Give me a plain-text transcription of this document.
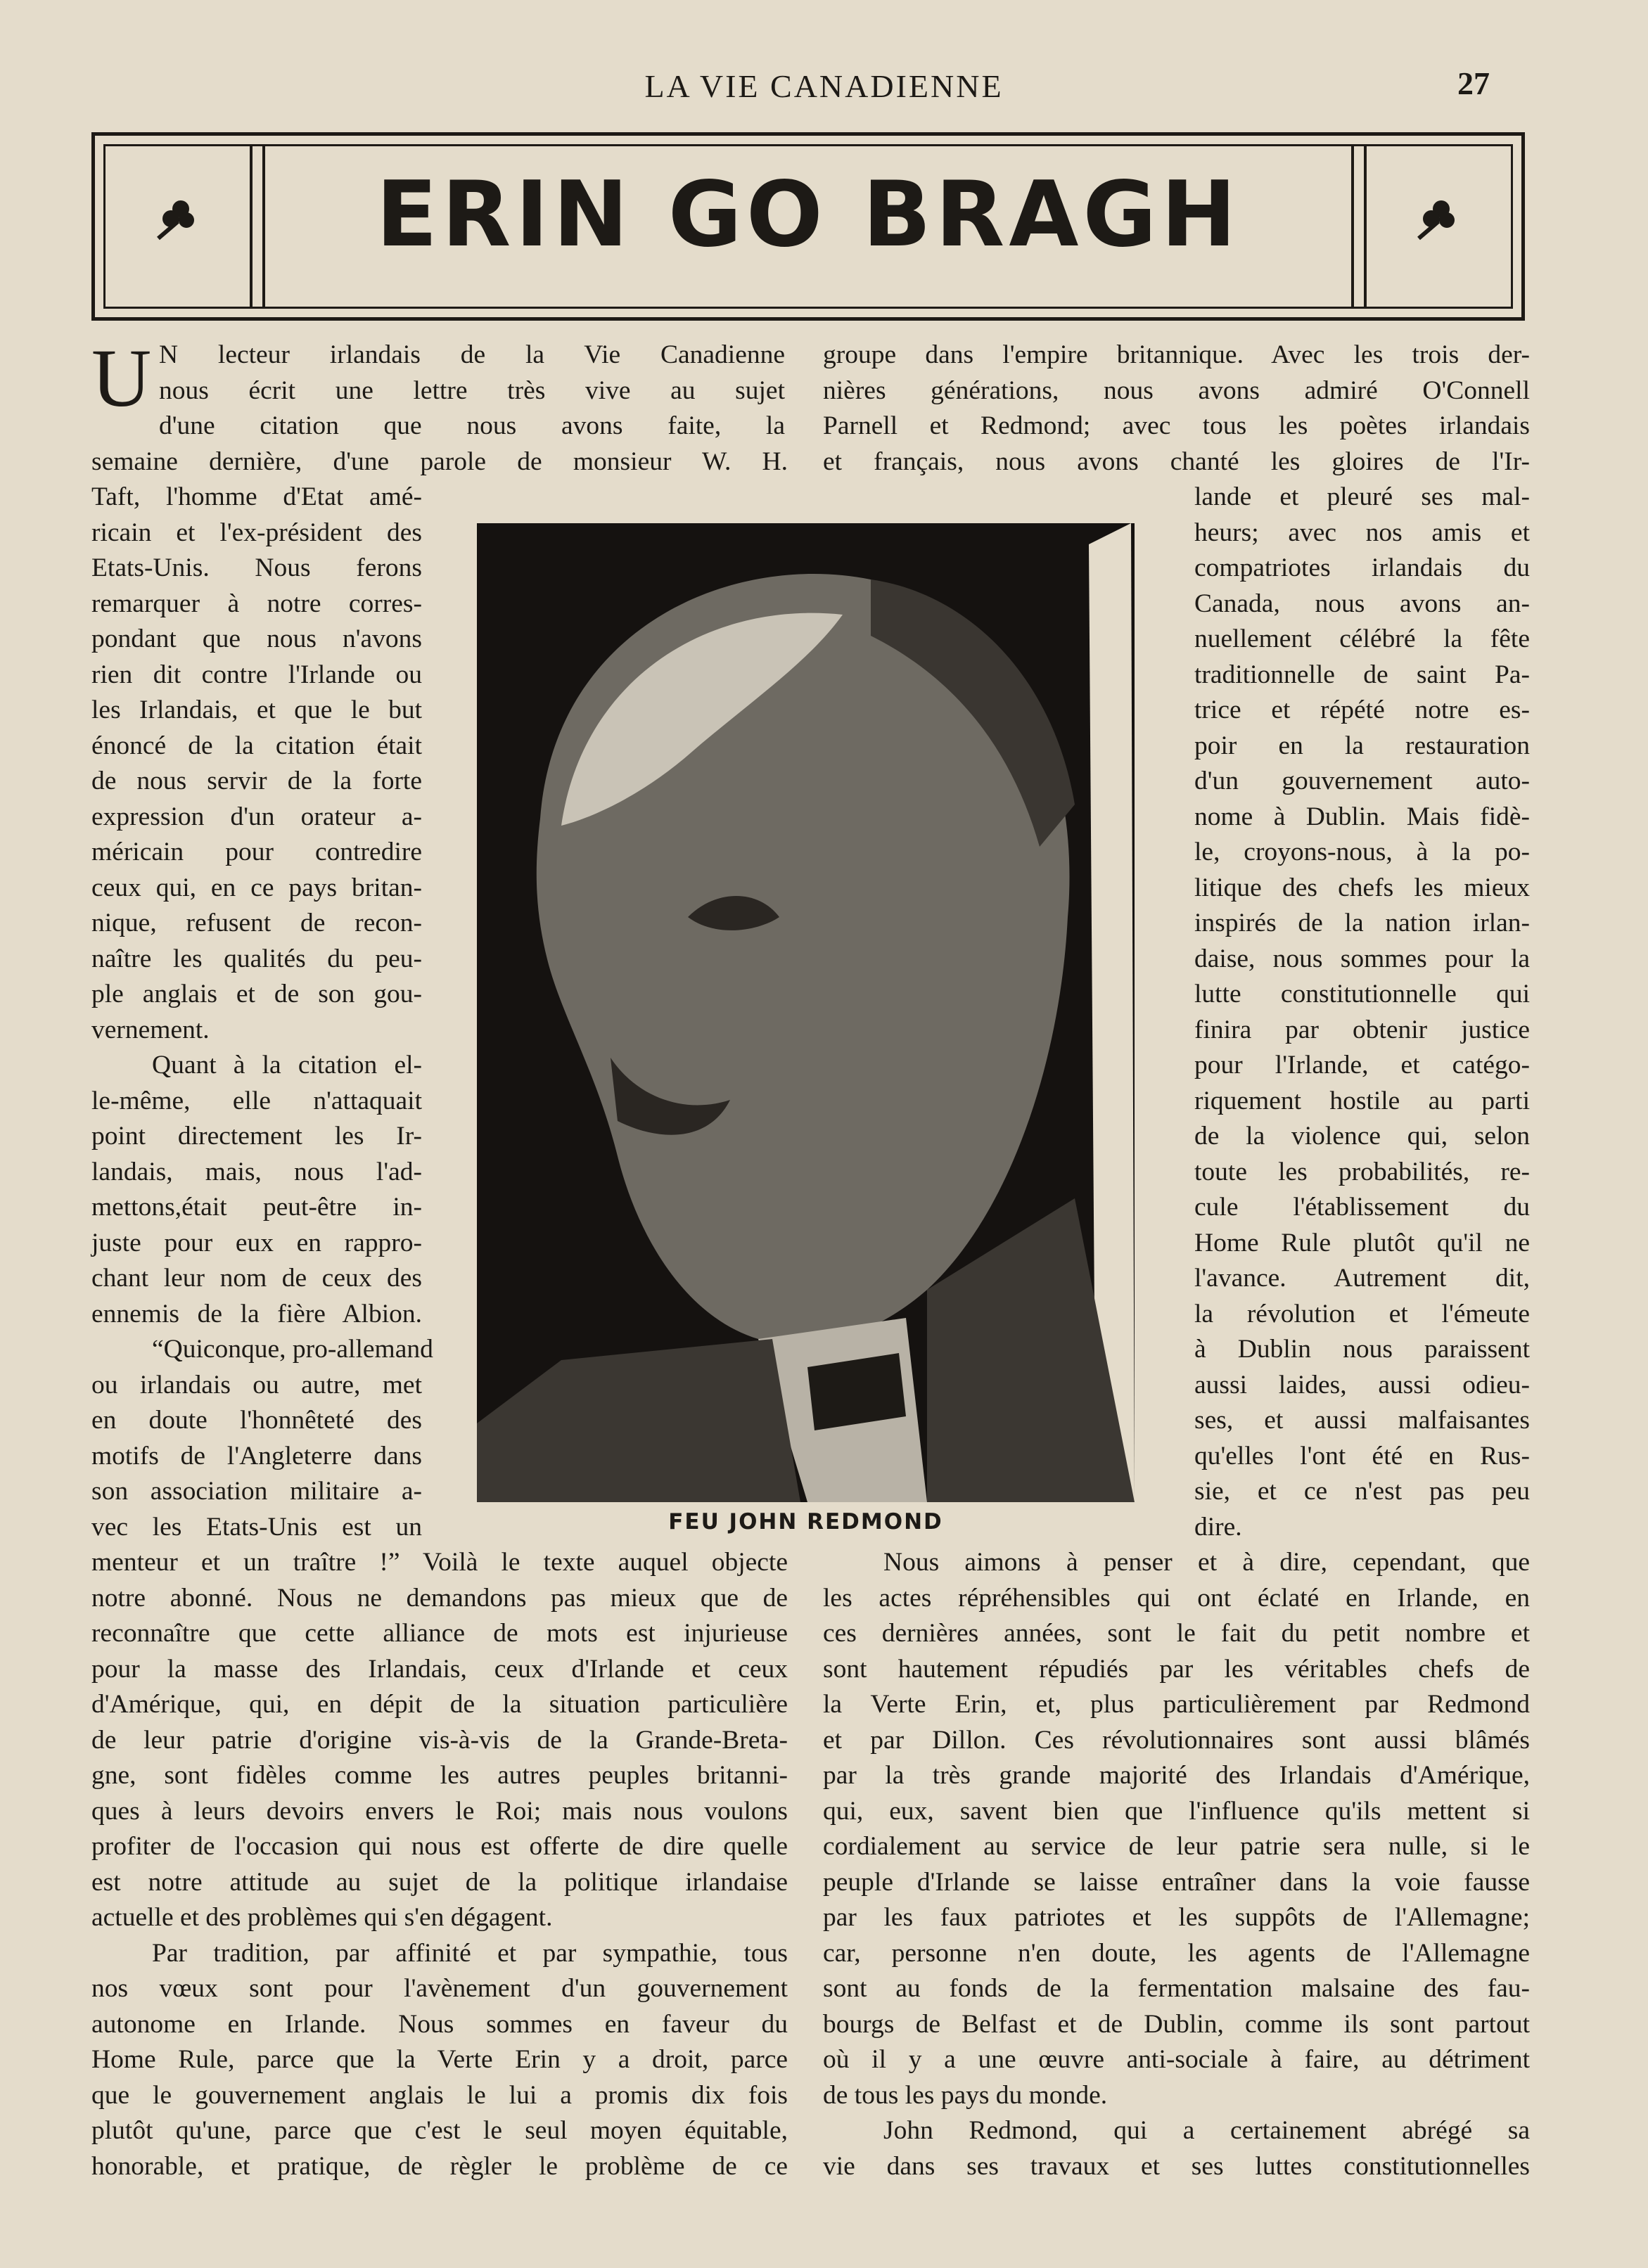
LA VIE CANADIENNE	27
ERIN GO BRAGH
U N lecteur irlandais de la Vie Canadienne
nous écrit une lettre très vive au sujet
d'une citation que nous avons faite, la
semaine dernière, d'une parole de monsieur W. H.
Taft, l'homme d'Etat amé-
ricain et l'ex-président des
Etats-Unis. Nous ferons
remarquer à notre corres-
pondant que nous n'avons
rien dit contre l'Irlande ou
les Irlandais, et que le but
énoncé de la citation était
de nous servir de la forte
expression d'un orateur a-
méricain pour contredire
ceux qui, en ce pays britan-
nique, refusent de recon-
naître les qualités du peu-
ple anglais et de son gou-
vernement.
Quant à la citation el-
le-même, elle n'attaquait
point directement les Ir-
landais, mais, nous l'ad-
mettons,était peut-être in-
juste pour eux en rappro-
chant leur nom de ceux des
ennemis de la fière Albion.
“Quiconque, pro-allemand
ou irlandais ou autre, met
en doute l'honnêteté des
motifs de l'Angleterre dans
son association militaire a-
vec les Etats-Unis est un
menteur et un traître !” Voilà le texte auquel objecte
notre abonné. Nous ne demandons pas mieux que de
reconnaître que cette alliance de mots est injurieuse
pour la masse des Irlandais, ceux d'Irlande et ceux
d'Amérique, qui, en dépit de la situation particulière
de leur patrie d'origine vis-à-vis de la Grande-Breta-
gne, sont fidèles comme les autres peuples britanni-
ques à leurs devoirs envers le Roi; mais nous voulons
profiter de l'occasion qui nous est offerte de dire quelle
est notre attitude au sujet de la politique irlandaise
actuelle et des problèmes qui s'en dégagent.
Par tradition, par affinité et par sympathie, tous
nos vœux sont pour l'avènement d'un gouvernement
autonome en Irlande. Nous sommes en faveur du
Home Rule, parce que la Verte Erin y a droit, parce
que le gouvernement anglais le lui a promis dix fois
plutôt qu'une, parce que c'est le seul moyen équitable,
honorable, et pratique, de règler le problème de ce
groupe dans l'empire britannique. Avec les trois der-
nières générations, nous avons admiré O'Connell
Parnell et Redmond; avec tous les poètes irlandais
et français, nous avons chanté les gloires de l'Ir-
lande et pleuré ses mal-
heurs; avec nos amis et
compatriotes irlandais du
Canada, nous avons an-
nuellement célébré la fête
traditionnelle de saint Pa-
trice et répété notre es-
poir en la restauration
d'un gouvernement auto-
nome à Dublin. Mais fidè-
le, croyons-nous, à la po-
litique des chefs les mieux
inspirés de la nation irlan-
daise, nous sommes pour la
lutte constitutionnelle qui
finira par obtenir justice
pour l'Irlande, et catégo-
riquement hostile au parti
de la violence qui, selon
toute les probabilités, re-
cule l'établissement du
Home Rule plutôt qu'il ne
l'avance. Autrement dit,
la révolution et l'émeute
à Dublin nous paraissent
aussi laides, aussi odieu-
ses, et aussi malfaisantes
qu'elles l'ont été en Rus-
sie, et ce n'est pas peu
dire.
Nous aimons à penser et à dire, cependant, que
les actes répréhensibles qui ont éclaté en Irlande, en
ces dernières années, sont le fait du petit nombre et
sont hautement répudiés par les véritables chefs de
la Verte Erin, et, plus particulièrement par Redmond
et par Dillon. Ces révolutionnaires sont aussi blâmés
par la très grande majorité des Irlandais d'Amérique,
qui, eux, savent bien que l'influence qu'ils mettent si
cordialement au service de leur patrie sera nulle, si le
peuple d'Irlande se laisse entraîner dans la voie fausse
par les faux patriotes et les suppôts de l'Allemagne;
car, personne n'en doute, les agents de l'Allemagne
sont au fonds de la fermentation malsaine des fau-
bourgs de Belfast et de Dublin, comme ils sont partout
où il y a une œuvre anti-sociale à faire, au détriment
de tous les pays du monde.
John Redmond, qui a certainement abrégé sa
vie dans ses travaux et ses luttes constitutionnelles
FEU JOHN REDMOND
